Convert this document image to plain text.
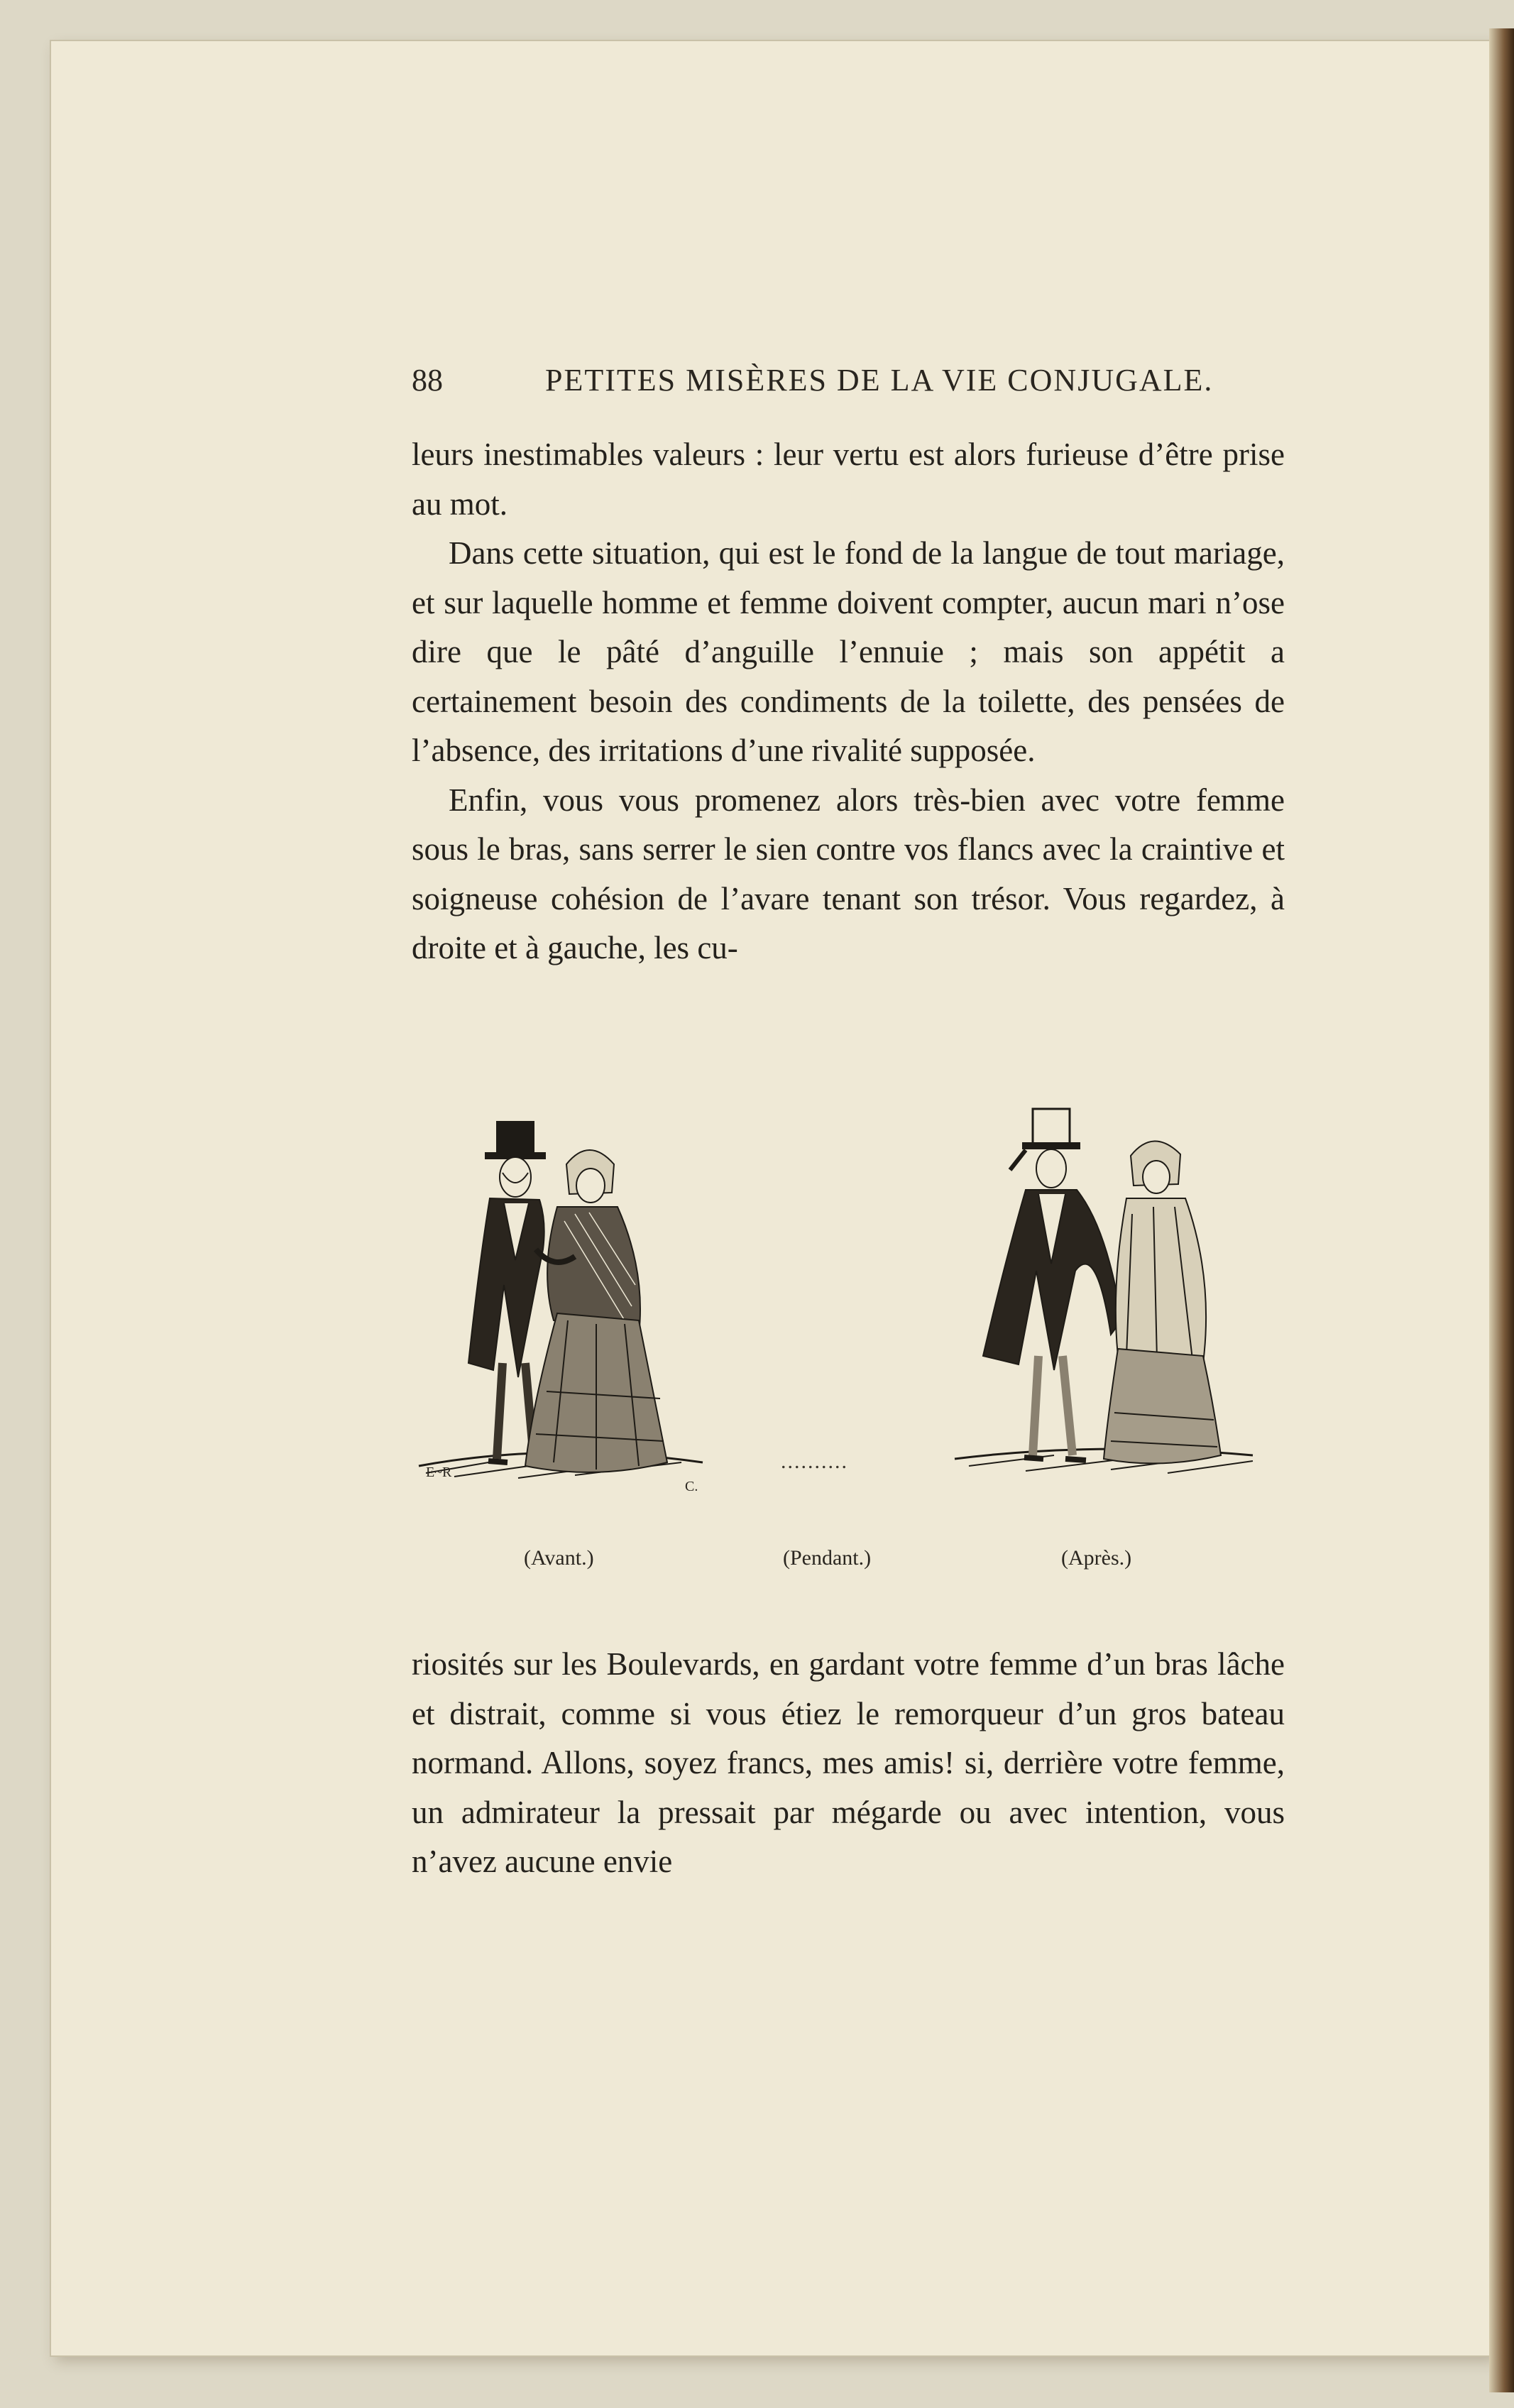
88	PETITES MISÈRES DE LA VIE CONJUGALE.

leurs inestimables valeurs : leur vertu est alors furieuse d’être prise au mot.

Dans cette situation, qui est le fond de la langue de tout mariage, et sur laquelle homme et femme doivent compter, aucun mari n’ose dire que le pâté d’anguille l’ennuie ; mais son appétit a certainement besoin des condiments de la toilette, des pensées de l’absence, des irritations d’une rivalité supposée.

Enfin, vous vous promenez alors très-bien avec votre femme sous le bras, sans serrer le sien contre vos flancs avec la craintive et soigneuse cohésion de l’avare tenant son trésor. Vous regardez, à droite et à gauche, les cu-

E~R
C.
..........
(Avant.)	(Pendant.)	(Après.)

riosités sur les Boulevards, en gardant votre femme d’un bras lâche et distrait, comme si vous étiez le remorqueur d’un gros bateau normand. Allons, soyez francs, mes amis! si, derrière votre femme, un admirateur la pressait par mégarde ou avec intention, vous n’avez aucune envie
